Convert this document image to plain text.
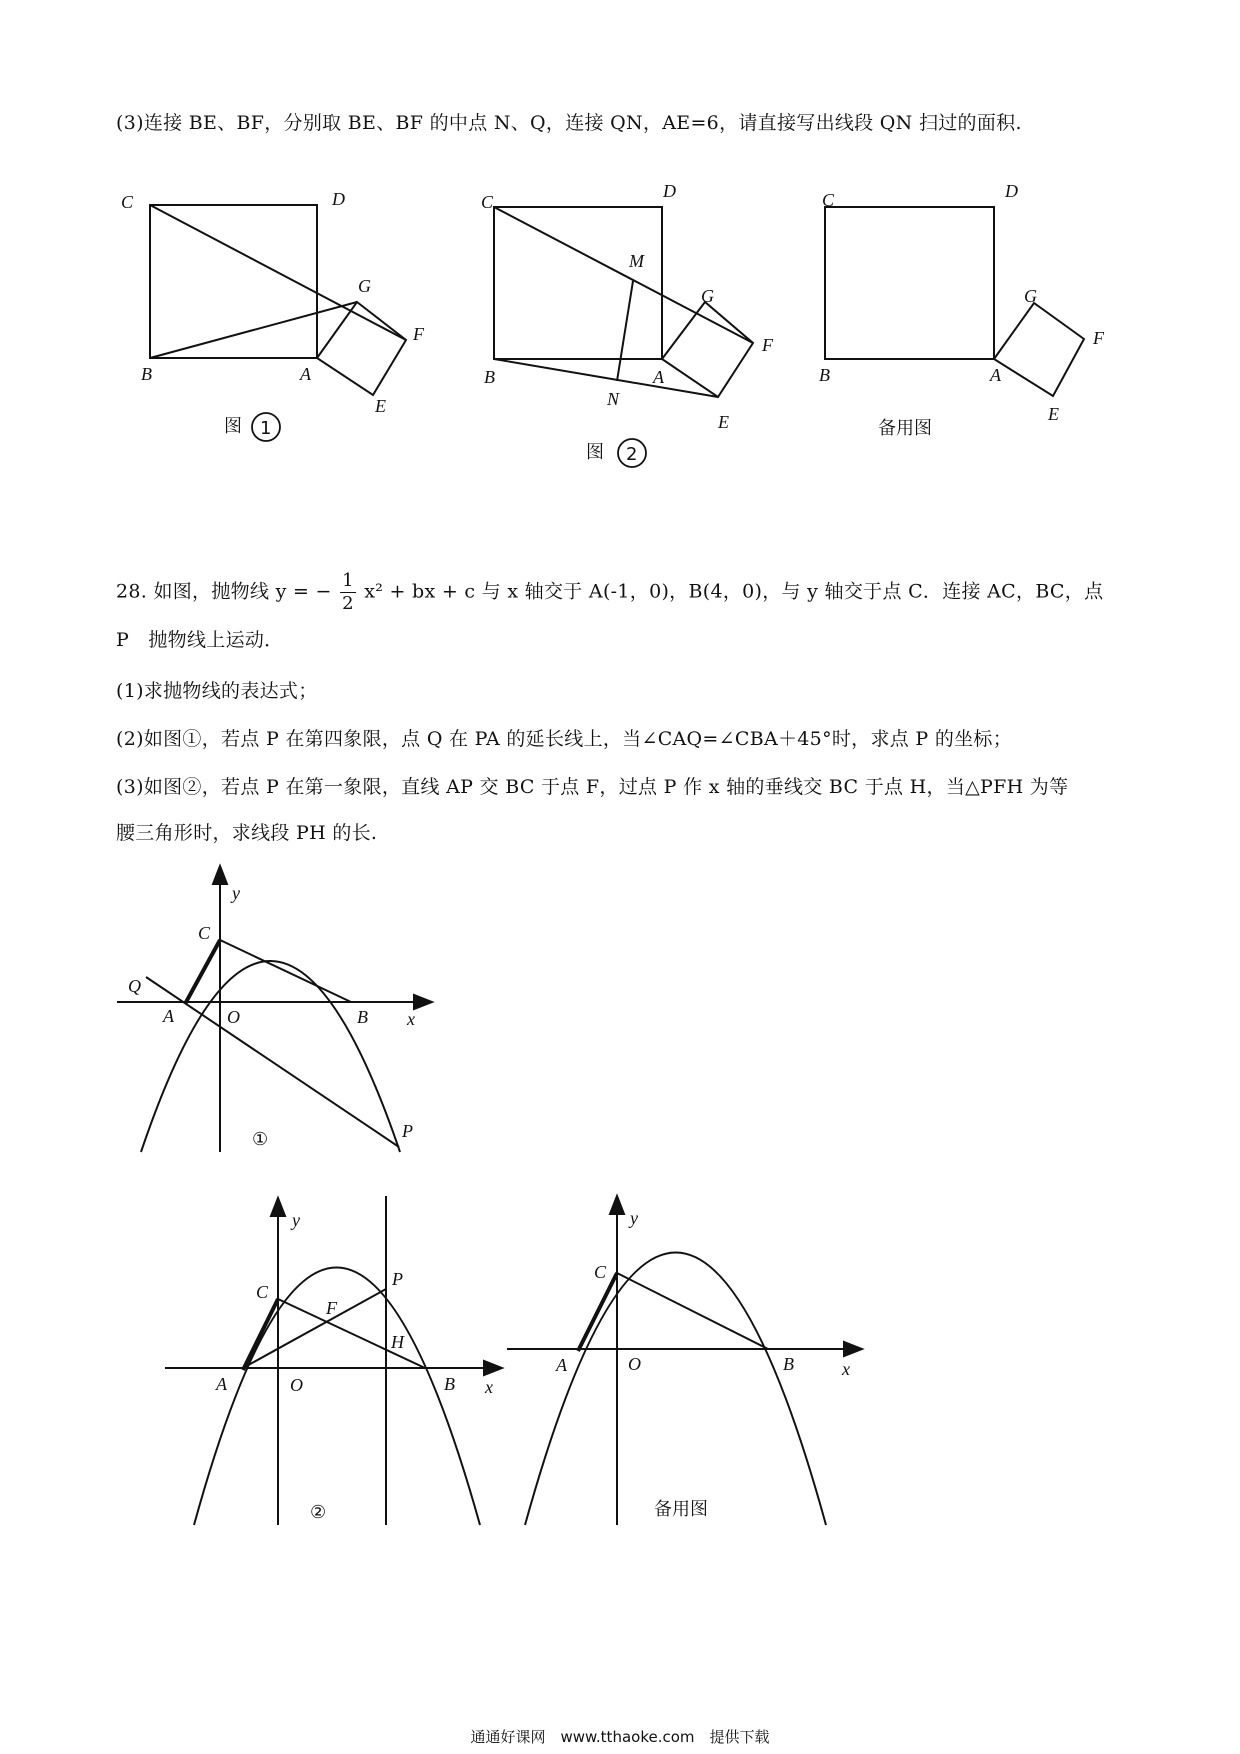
(3)连接 BE、BF，分别取 BE、BF 的中点 N、Q，连接 QN，AE=6，请直接写出线段 QN 扫过的面积.
28. 如图，抛物线 y = − $\frac{1}{2} x^2$ + bx + c 与 x 轴交于 A(-1，0)，B(4，0)，与 y 轴交于点 C．连接 AC，BC，点
P　抛物线上运动．
(1)求抛物线的表达式；
(2)如图①，若点 P 在第四象限，点 Q 在 PA 的延长线上，当∠CAQ=∠CBA＋45°时，求点 P 的坐标；
(3)如图②，若点 P 在第一象限，直线 AP 交 BC 于点 F，过点 P 作 x 轴的垂线交 BC 于点 H，当△PFH 为等
腰三角形时，求线段 PH 的长.
C	D
G
F
B	A
E
图 1
C
D
M
G
F
B	A
N
E
图 2
C	D
G
F
B	A
E
备用图
y
C
Q
A	O	B x
P
①
y
C
P
F
H
A	O	B x
②
y
C
A	O	B	x
备用图
通通好课网　www.tthaoke.com　提供下载
